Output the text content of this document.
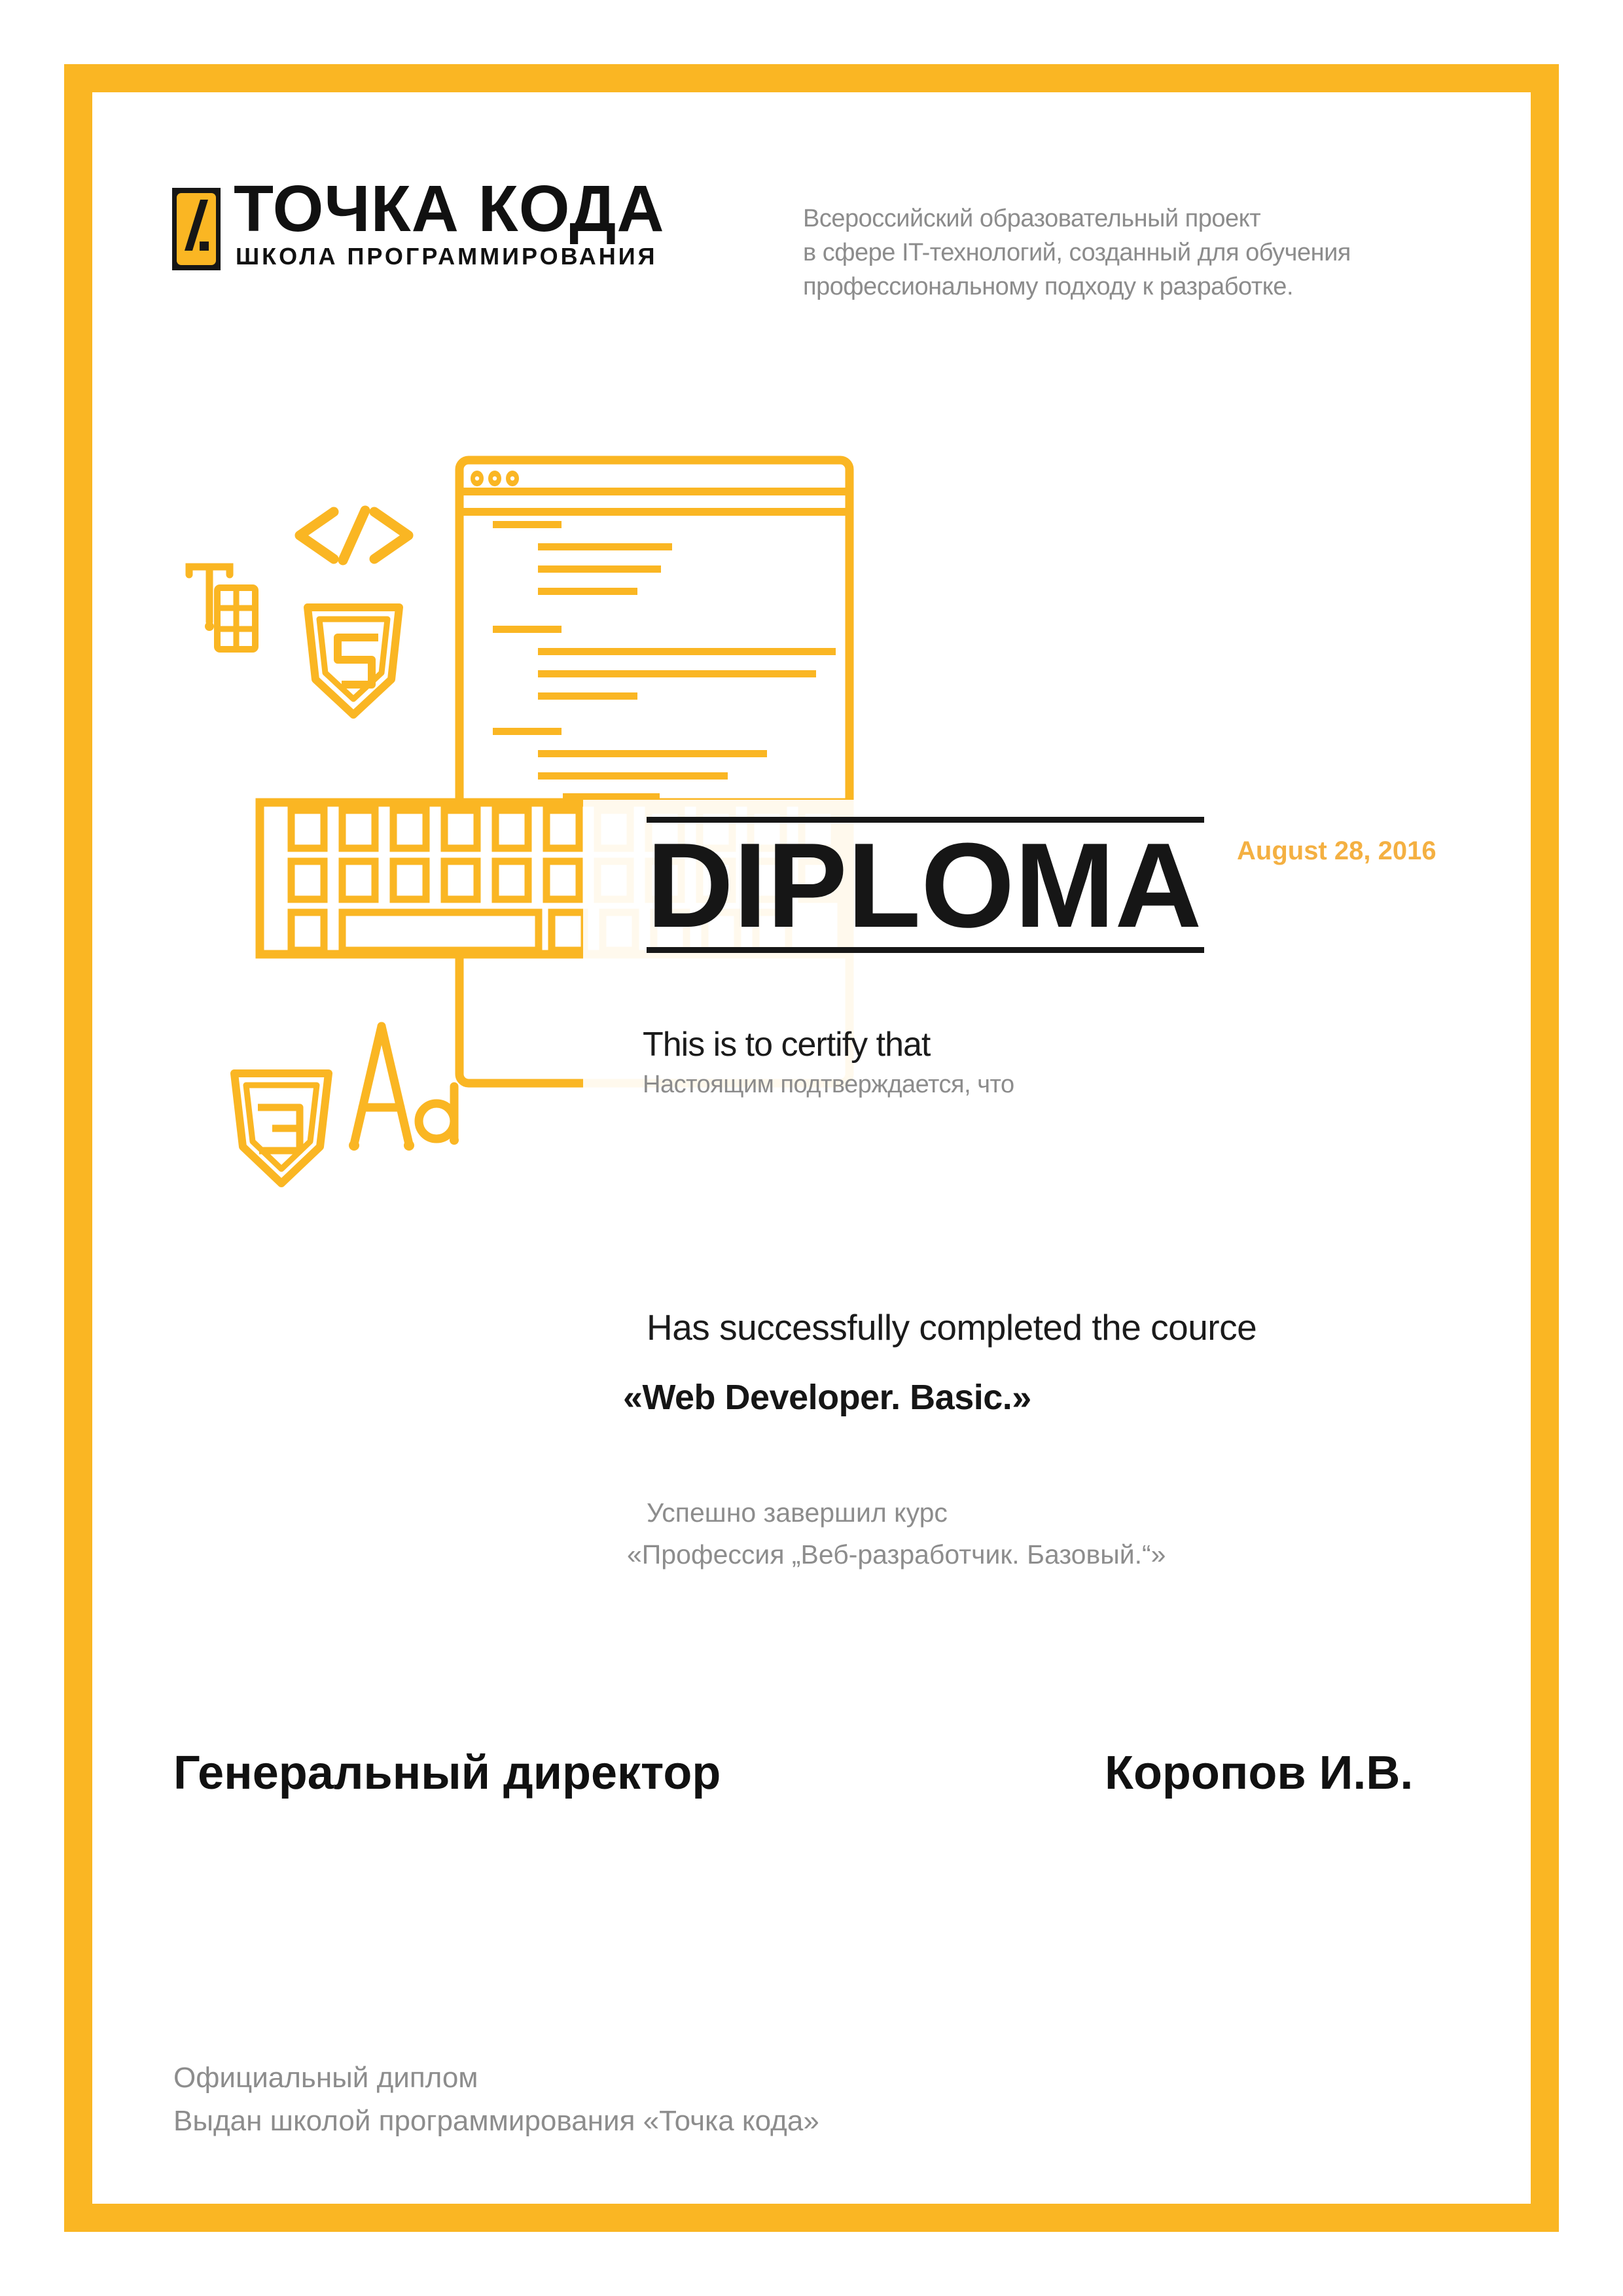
ТОЧКА КОДА
ШКОЛА ПРОГРАММИРОВАНИЯ
Всероссийский образовательный проект
в сфере IT-технологий, созданный для обучения
профессиональному подходу к разработке.
DIPLOMA August 28, 2016
This is to certify that
Настоящим подтверждается, что
Has successfully completed the cource
«Web Developer. Basic.»
Успешно завершил курс
«Профессия „Веб-разработчик. Базовый.“»
Генеральный директор	Коропов И.В.
Официальный диплом
Выдан школой программирования «Точка кода»
